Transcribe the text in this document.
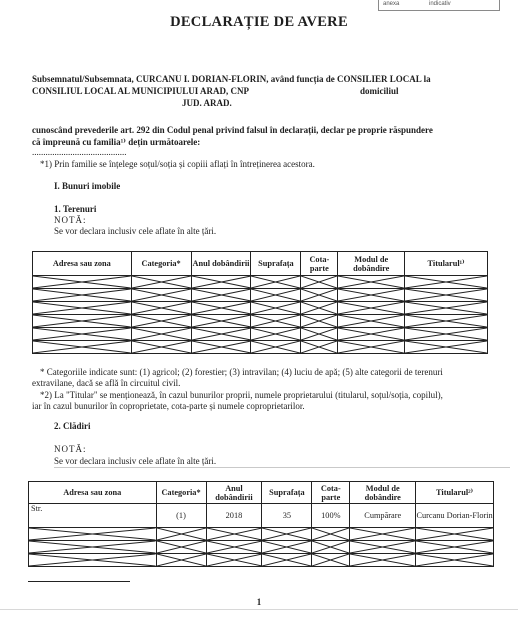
anexa	indicativ
DECLARAȚIE DE AVERE
Subsemnatul/Subsemnata, CURCANU I. DORIAN-FLORIN, având funcția de CONSILIER LOCAL la
CONSILIUL LOCAL AL MUNICIPIULUI ARAD, CNP	domiciliul
JUD. ARAD.
cunoscând prevederile art. 292 din Codul penal privind falsul în declarații, declar pe proprie răspundere
că împreună cu familia¹⁾ dețin următoarele:
..........................................
*1) Prin familie se înțelege soțul/soția și copiii aflați în întreținerea acestora.
I. Bunuri imobile
1. Terenuri
NOTĂ:
Se vor declara inclusiv cele aflate în alte țări.
Adresa sau zona	Categoria*	Anul dobândirii	Suprafața	Cota-parte	Modul de dobândire	Titularul¹⁾

* Categoriile indicate sunt: (1) agricol; (2) forestier; (3) intravilan; (4) luciu de apă; (5) alte categorii de terenuri
extravilane, dacă se află în circuitul civil.
*2) La "Titular" se menționează, în cazul bunurilor proprii, numele proprietarului (titularul, soțul/soția, copilul),
iar în cazul bunurilor în coproprietate, cota-parte și numele coproprietarilor.
2. Clădiri
NOTĂ:
Se vor declara inclusiv cele aflate în alte țări.
Adresa sau zona	Categoria*	Anul dobândirii	Suprafața	Cota-parte	Modul de dobândire	Titularul²⁾
Str.	(1)	2018	35	100%	Cumpărare	Curcanu Dorian-Florin

1
